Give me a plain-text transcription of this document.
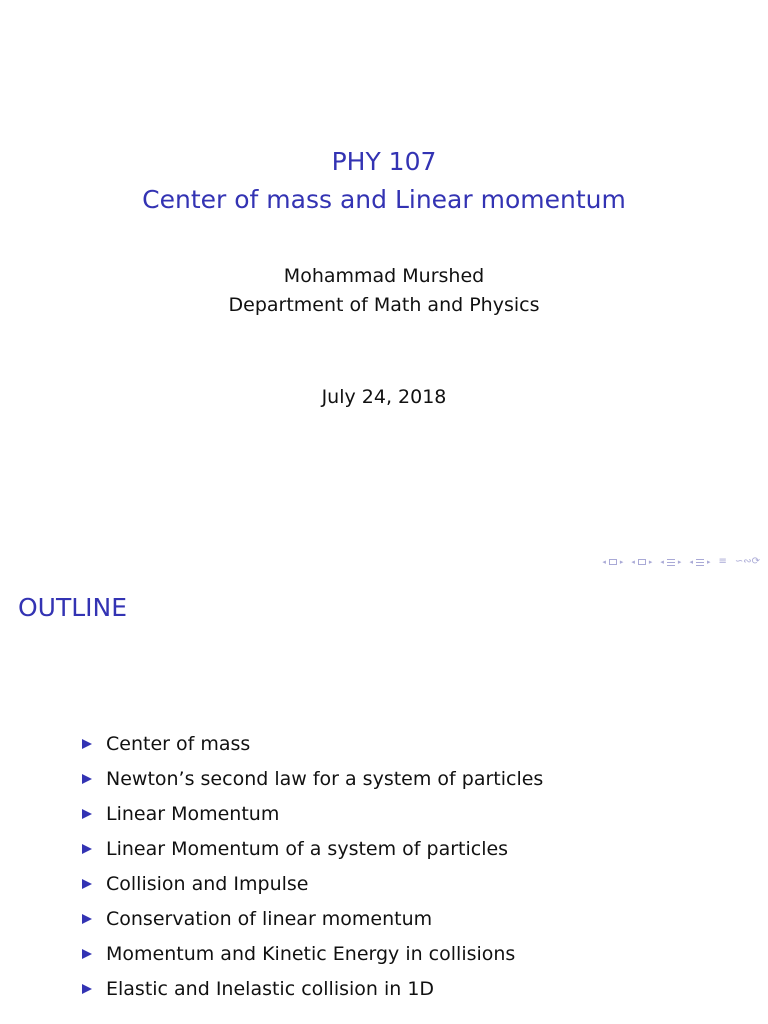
PHY 107
Center of mass and Linear momentum
Mohammad Murshed
Department of Math and Physics
July 24, 2018
◂ ▸ ◂ ▸ ◂ ▸ ◂ ▸ ≡ ∽∾⟳
OUTLINE
Center of mass
Newton’s second law for a system of particles
Linear Momentum
Linear Momentum of a system of particles
Collision and Impulse
Conservation of linear momentum
Momentum and Kinetic Energy in collisions
Elastic and Inelastic collision in 1D
